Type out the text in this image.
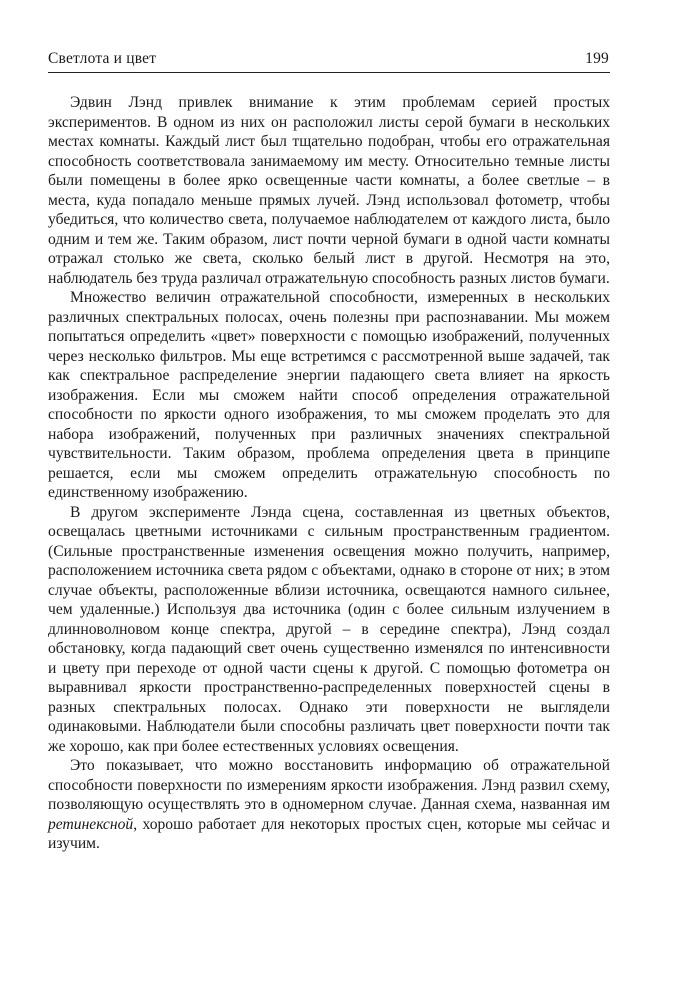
Светлота и цвет	199

Эдвин Лэнд привлек внимание к этим проблемам серией простых экспериментов. В одном из них он расположил листы серой бумаги в нескольких местах комнаты. Каждый лист был тщательно подобран, чтобы его отражательная способность соответствовала занимаемому им месту. Относительно темные листы были помещены в более ярко освещенные части комнаты, а более светлые – в места, куда попадало меньше прямых лучей. Лэнд использовал фотометр, чтобы убедиться, что количество света, получаемое наблюдателем от каждого листа, было одним и тем же. Таким образом, лист почти черной бумаги в одной части комнаты отражал столько же света, сколько белый лист в другой. Несмотря на это, наблюдатель без труда различал отражательную способность разных листов бумаги.

Множество величин отражательной способности, измеренных в нескольких различных спектральных полосах, очень полезны при распознавании. Мы можем попытаться определить «цвет» поверхности с помощью изображений, полученных через несколько фильтров. Мы еще встретимся с рассмотренной выше задачей, так как спектральное распределение энергии падающего света влияет на яркость изображения. Если мы сможем найти способ определения отражательной способности по яркости одного изображения, то мы сможем проделать это для набора изображений, полученных при различных значениях спектральной чувствительности. Таким образом, проблема определения цвета в принципе решается, если мы сможем определить отражательную способность по единственному изображению.

В другом эксперименте Лэнда сцена, составленная из цветных объектов, освещалась цветными источниками с сильным пространственным градиентом. (Сильные пространственные изменения освещения можно получить, например, расположением источника света рядом с объектами, однако в стороне от них; в этом случае объекты, расположенные вблизи источника, освещаются намного сильнее, чем удаленные.) Используя два источника (один с более сильным излучением в длинноволновом конце спектра, другой – в середине спектра), Лэнд создал обстановку, когда падающий свет очень существенно изменялся по интенсивности и цвету при переходе от одной части сцены к другой. С помощью фотометра он выравнивал яркости пространственно-распределенных поверхностей сцены в разных спектральных полосах. Однако эти поверхности не выглядели одинаковыми. Наблюдатели были способны различать цвет поверхности почти так же хорошо, как при более естественных условиях освещения.

Это показывает, что можно восстановить информацию об отражательной способности поверхности по измерениям яркости изображения. Лэнд развил схему, позволяющую осуществлять это в одномерном случае. Данная схема, названная им ретинексной, хорошо работает для некоторых простых сцен, которые мы сейчас и изучим.
